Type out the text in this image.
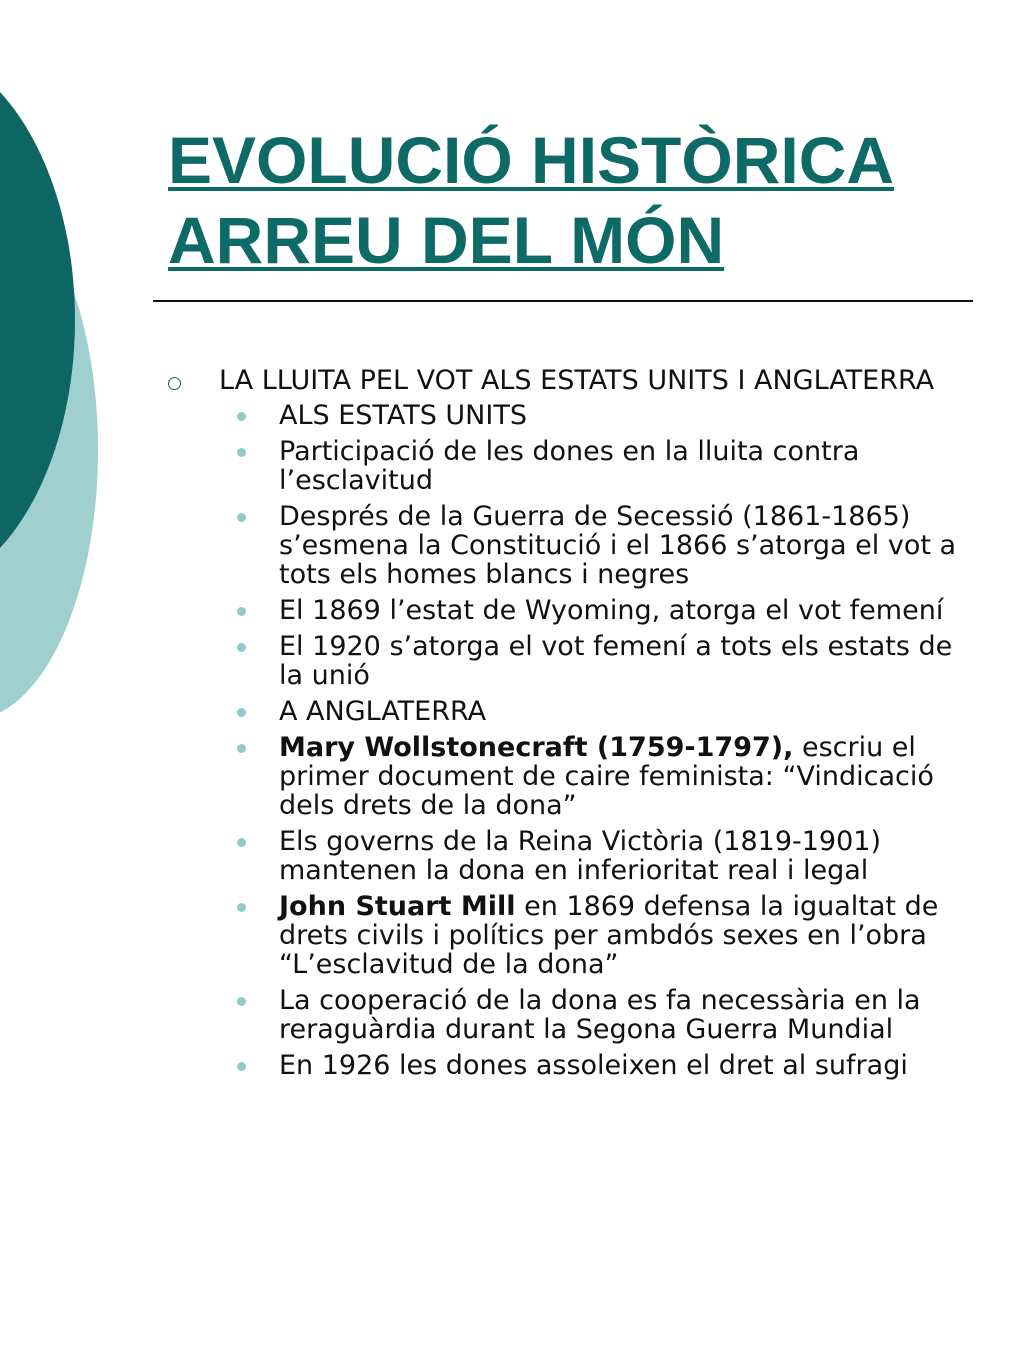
EVOLUCIÓ HISTÒRICA
ARREU DEL MÓN
LA LLUITA PEL VOT ALS ESTATS UNITS I ANGLATERRA
ALS ESTATS UNITS
Participació de les dones en la lluita contra l’esclavitud
Després de la Guerra de Secessió (1861-1865) s’esmena la Constitució i el 1866 s’atorga el vot a tots els homes blancs i negres
El 1869 l’estat de Wyoming, atorga el vot femení
El 1920 s’atorga el vot femení a tots els estats de la unió
A ANGLATERRA
Mary Wollstonecraft (1759-1797), escriu el primer document de caire feminista: “Vindicació dels drets de la dona”
Els governs de la Reina Victòria (1819-1901) mantenen la dona en inferioritat real i legal
John Stuart Mill en 1869 defensa la igualtat de drets civils i polítics per ambdós sexes en l’obra “L’esclavitud de la dona”
La cooperació de la dona es fa necessària en la reraguàrdia durant la Segona Guerra Mundial
En 1926 les dones assoleixen el dret al sufragi
